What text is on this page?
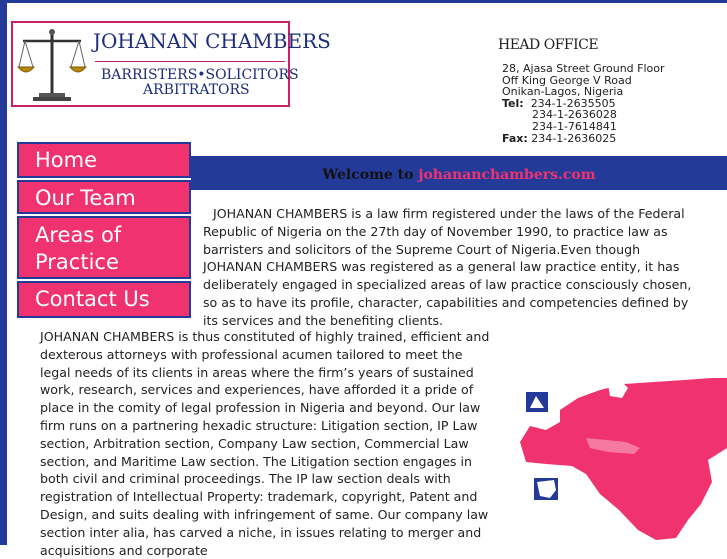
JOHANAN CHAMBERS
BARRISTERS•SOLICITORS
ARBITRATORS
HEAD OFFICE
28, Ajasa Street Ground Floor
Off King George V Road
Onikan-Lagos, Nigeria
Tel: 234-1-2635505
234-1-2636028
234-1-7614841
Fax: 234-1-2636025
Home
Our Team
Areas of Practice
Contact Us
Welcome to johananchambers.com

JOHANAN CHAMBERS is a law firm registered under the laws of the Federal Republic of Nigeria on the 27th day of November 1990, to practice law as barristers and solicitors of the Supreme Court of Nigeria.Even though JOHANAN CHAMBERS was registered as a general law practice entity, it has deliberately engaged in specialized areas of law practice consciously chosen, so as to have its profile, character, capabilities and competencies defined by its services and the benefiting clients.

JOHANAN CHAMBERS is thus constituted of highly trained, efficient and dexterous attorneys with professional acumen tailored to meet the legal needs of its clients in areas where the firm’s years of sustained work, research, services and experiences, have afforded it a pride of place in the comity of legal profession in Nigeria and beyond. Our law firm runs on a partnering hexadic structure: Litigation section, IP Law section, Arbitration section, Company Law section, Commercial Law section, and Maritime Law section. The Litigation section engages in both civil and criminal proceedings. The IP law section deals with registration of Intellectual Property: trademark, copyright, Patent and Design, and suits dealing with infringement of same. Our company law section inter alia, has carved a niche, in issues relating to merger and acquisitions and corporate
